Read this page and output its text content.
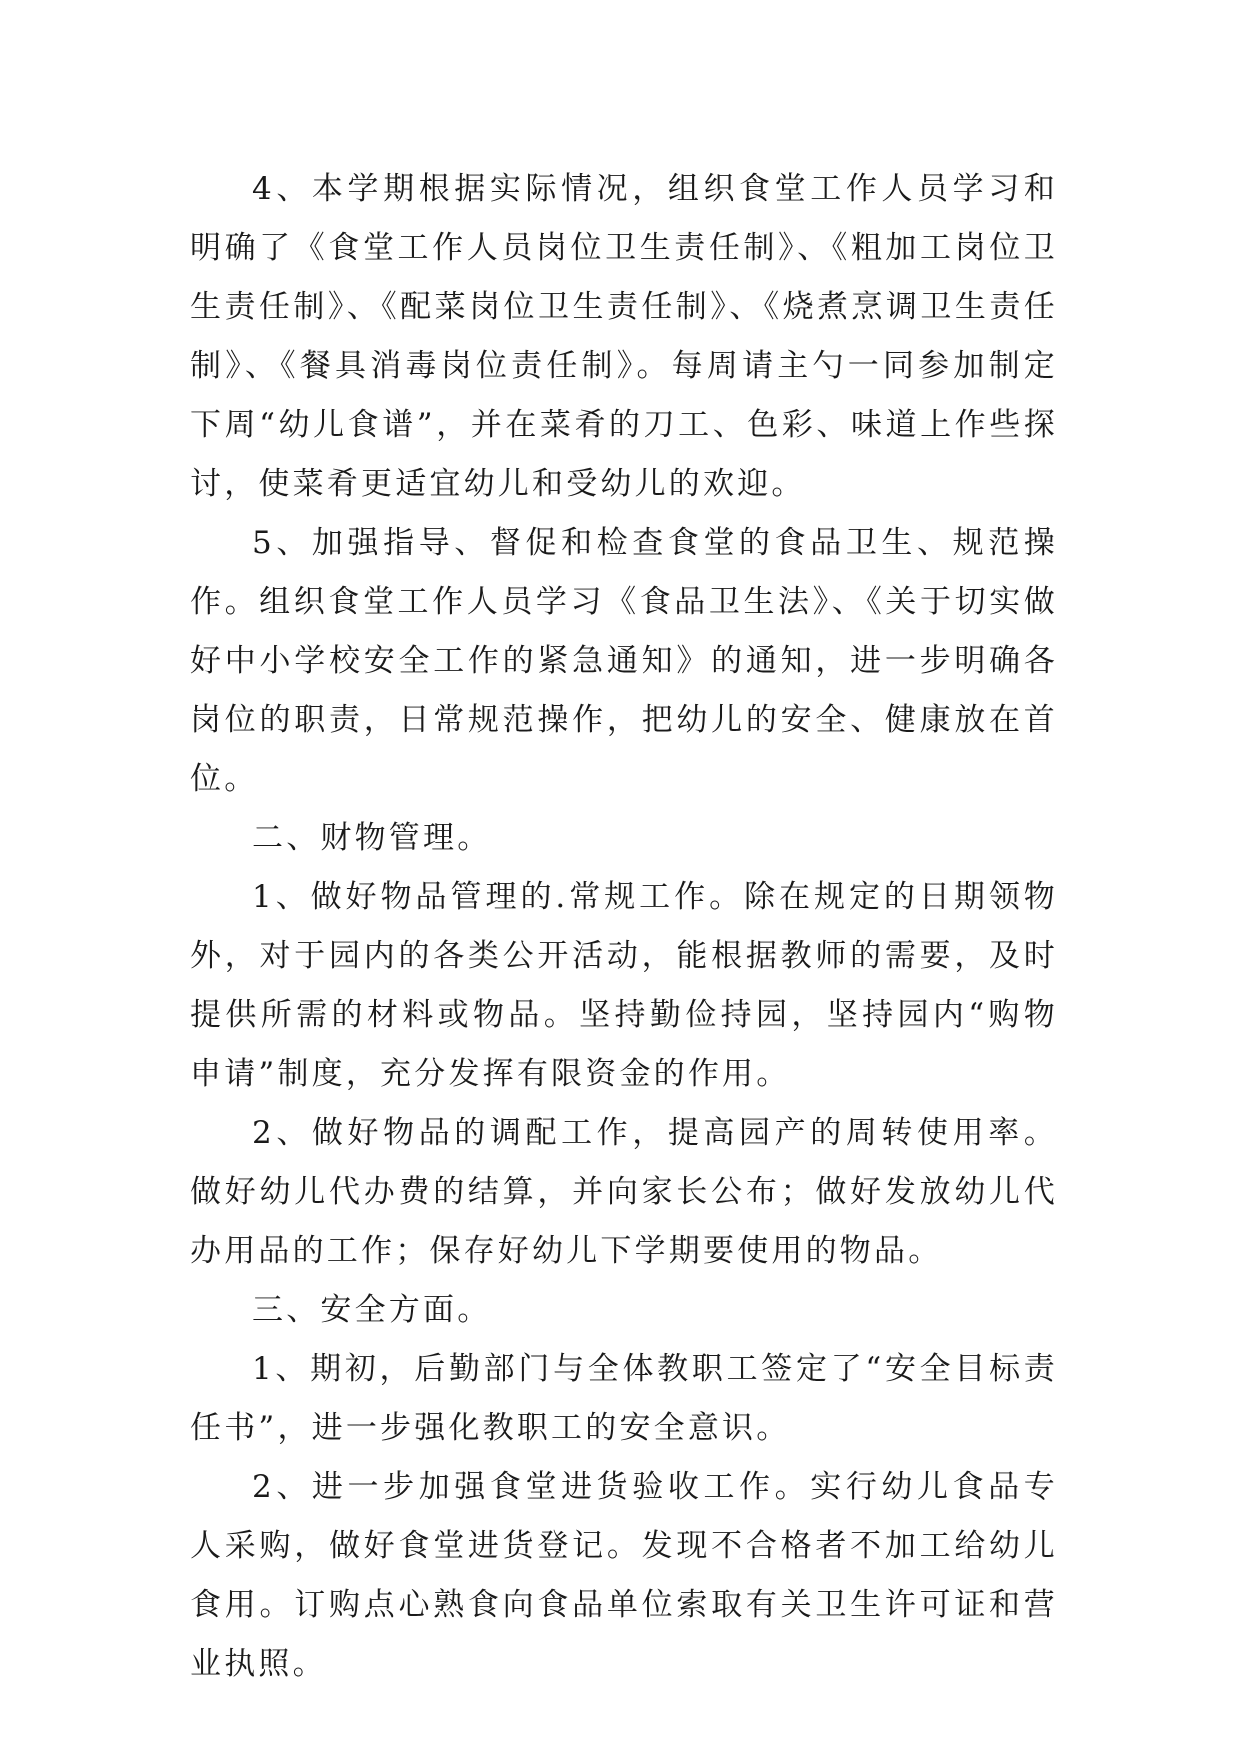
4、本学期根据实际情况，组织食堂工作人员学习和明确了《食堂工作人员岗位卫生责任制》、《粗加工岗位卫生责任制》、《配菜岗位卫生责任制》、《烧煮烹调卫生责任制》、《餐具消毒岗位责任制》。每周请主勺一同参加制定下周“幼儿食谱”，并在菜肴的刀工、色彩、味道上作些探讨，使菜肴更适宜幼儿和受幼儿的欢迎。

5、加强指导、督促和检查食堂的食品卫生、规范操作。组织食堂工作人员学习《食品卫生法》、《关于切实做好中小学校安全工作的紧急通知》的通知，进一步明确各岗位的职责，日常规范操作，把幼儿的安全、健康放在首位。

二、财物管理。

1、做好物品管理的.常规工作。除在规定的日期领物外，对于园内的各类公开活动，能根据教师的需要，及时提供所需的材料或物品。坚持勤俭持园，坚持园内“购物申请”制度，充分发挥有限资金的作用。

2、做好物品的调配工作，提高园产的周转使用率。做好幼儿代办费的结算，并向家长公布；做好发放幼儿代办用品的工作；保存好幼儿下学期要使用的物品。

三、安全方面。

1、期初，后勤部门与全体教职工签定了“安全目标责任书”，进一步强化教职工的安全意识。

2、进一步加强食堂进货验收工作。实行幼儿食品专人采购，做好食堂进货登记。发现不合格者不加工给幼儿食用。订购点心熟食向食品单位索取有关卫生许可证和营业执照。
